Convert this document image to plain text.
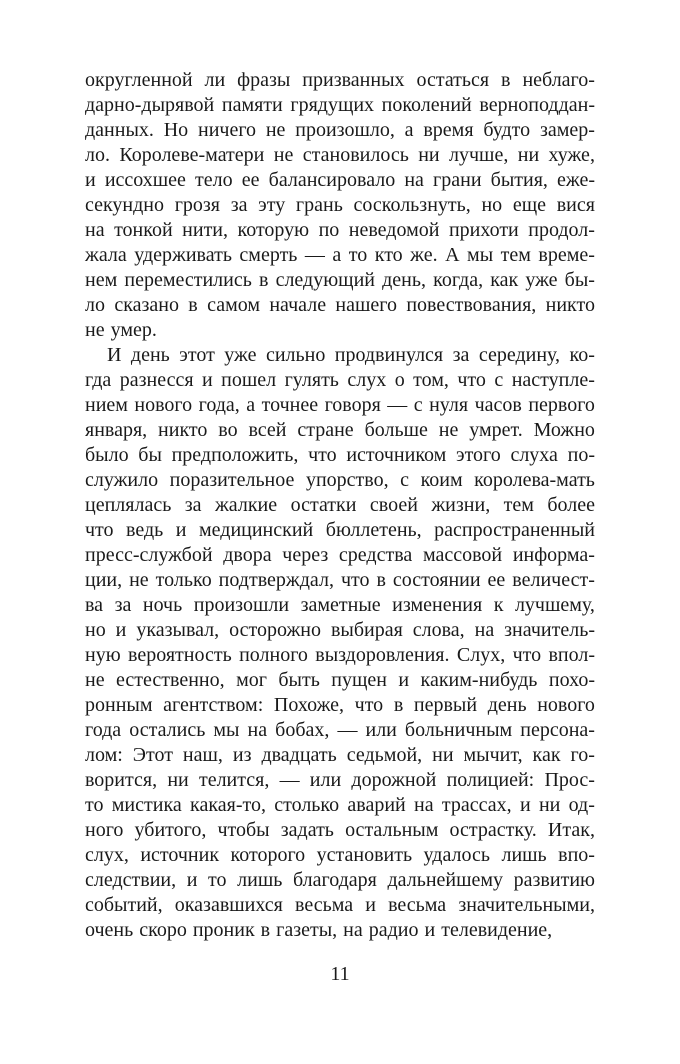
округленной ли фразы призванных остаться в неблаго-
дарно-дырявой памяти грядущих поколений верноподдан-
данных. Но ничего не произошло, а время будто замер-
ло. Королеве-матери не становилось ни лучше, ни хуже,
и иссохшее тело ее балансировало на грани бытия, еже-
секундно грозя за эту грань соскользнуть, но еще вися
на тонкой нити, которую по неведомой прихоти продол-
жала удерживать смерть — а то кто же. А мы тем време-
нем переместились в следующий день, когда, как уже бы-
ло сказано в самом начале нашего повествования, никто
не умер.
И день этот уже сильно продвинулся за середину, ко-
гда разнесся и пошел гулять слух о том, что с наступле-
нием нового года, а точнее говоря — с нуля часов первого
января, никто во всей стране больше не умрет. Можно
было бы предположить, что источником этого слуха по-
служило поразительное упорство, с коим королева-мать
цеплялась за жалкие остатки своей жизни, тем более
что ведь и медицинский бюллетень, распространенный
пресс-службой двора через средства массовой информа-
ции, не только подтверждал, что в состоянии ее величест-
ва за ночь произошли заметные изменения к лучшему,
но и указывал, осторожно выбирая слова, на значитель-
ную вероятность полного выздоровления. Слух, что впол-
не естественно, мог быть пущен и каким-нибудь похо-
ронным агентством: Похоже, что в первый день нового
года остались мы на бобах, — или больничным персона-
лом: Этот наш, из двадцать седьмой, ни мычит, как го-
ворится, ни телится, — или дорожной полицией: Прос-
то мистика какая-то, столько аварий на трассах, и ни од-
ного убитого, чтобы задать остальным острастку. Итак,
слух, источник которого установить удалось лишь впо-
следствии, и то лишь благодаря дальнейшему развитию
событий, оказавшихся весьма и весьма значительными,
очень скоро проник в газеты, на радио и телевидение,
11
